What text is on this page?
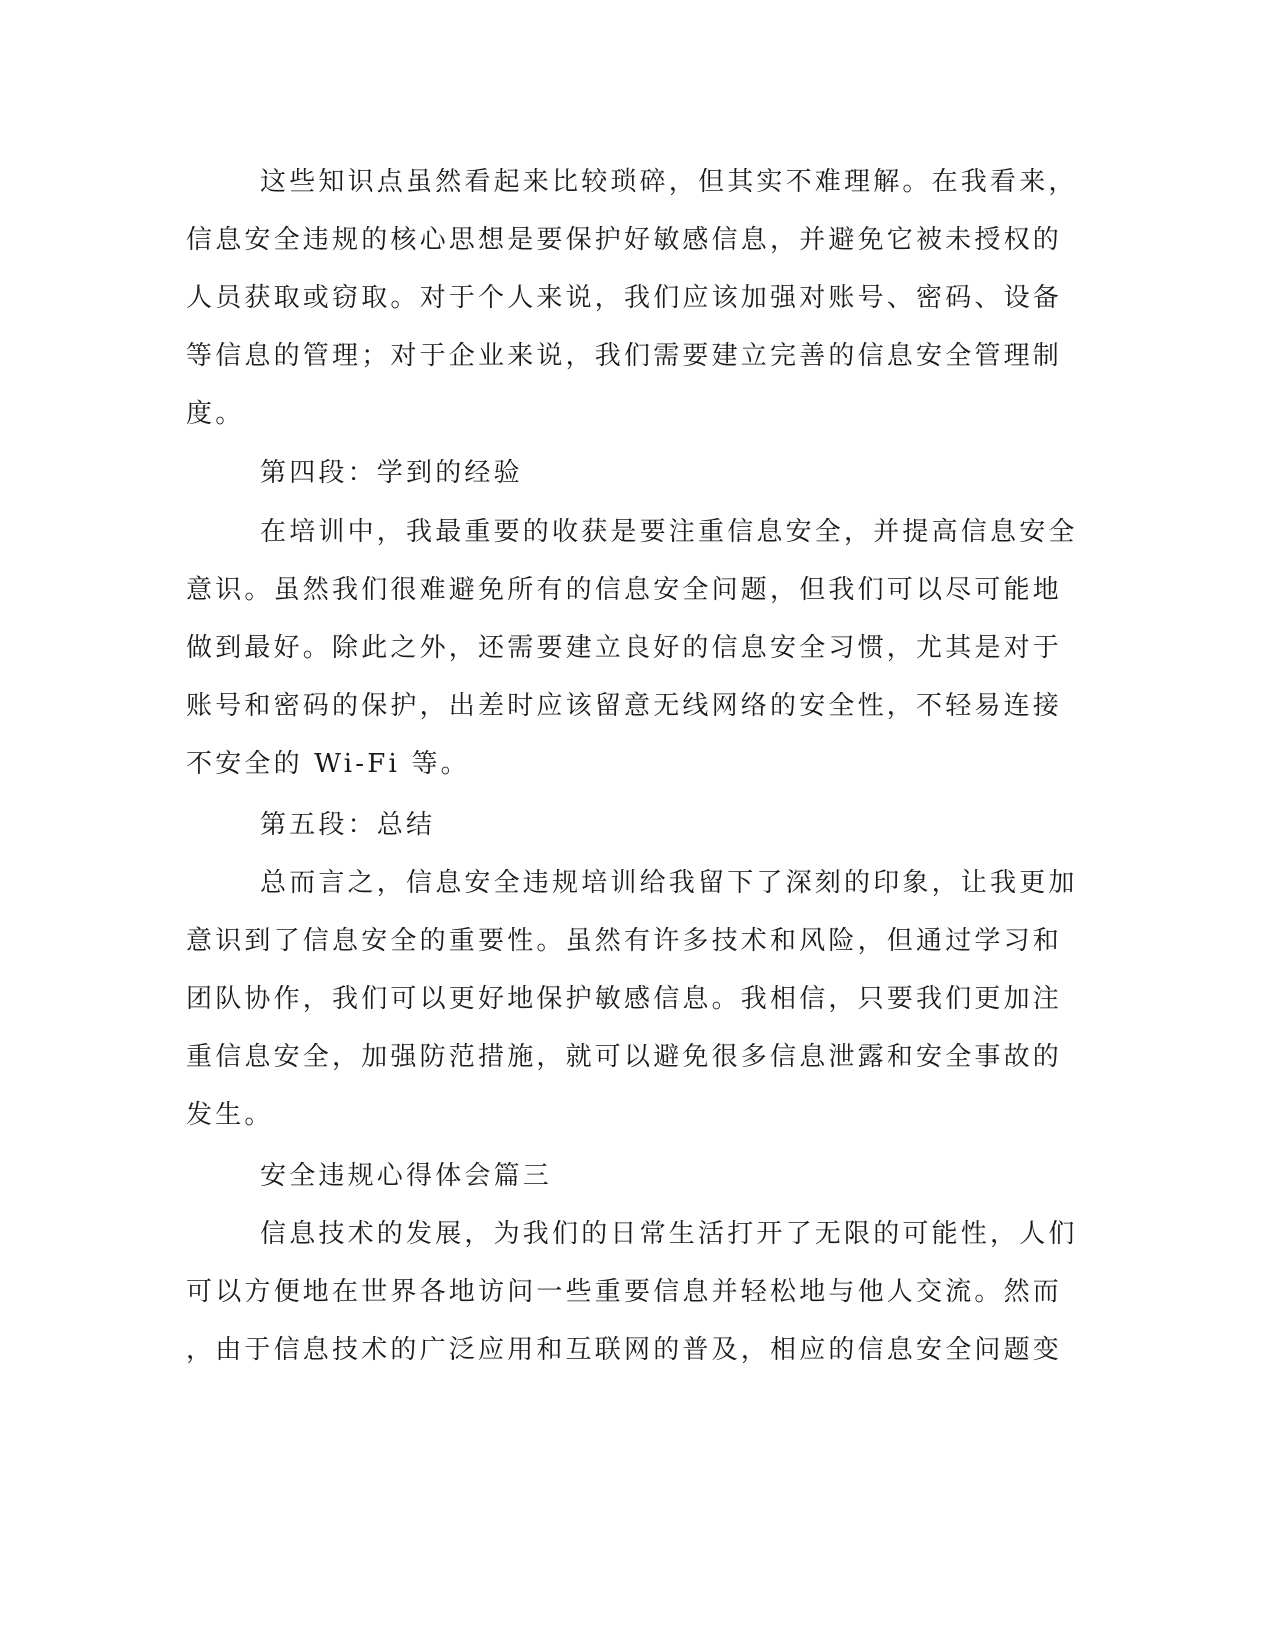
这些知识点虽然看起来比较琐碎，但其实不难理解。在我看来，
信息安全违规的核心思想是要保护好敏感信息，并避免它被未授权的
人员获取或窃取。对于个人来说，我们应该加强对账号、密码、设备
等信息的管理；对于企业来说，我们需要建立完善的信息安全管理制
度。
第四段：学到的经验
在培训中，我最重要的收获是要注重信息安全，并提高信息安全
意识。虽然我们很难避免所有的信息安全问题，但我们可以尽可能地
做到最好。除此之外，还需要建立良好的信息安全习惯，尤其是对于
账号和密码的保护，出差时应该留意无线网络的安全性，不轻易连接
不安全的 Wi-Fi 等。
第五段：总结
总而言之，信息安全违规培训给我留下了深刻的印象，让我更加
意识到了信息安全的重要性。虽然有许多技术和风险，但通过学习和
团队协作，我们可以更好地保护敏感信息。我相信，只要我们更加注
重信息安全，加强防范措施，就可以避免很多信息泄露和安全事故的
发生。
安全违规心得体会篇三
信息技术的发展，为我们的日常生活打开了无限的可能性，人们
可以方便地在世界各地访问一些重要信息并轻松地与他人交流。然而
，由于信息技术的广泛应用和互联网的普及，相应的信息安全问题变
